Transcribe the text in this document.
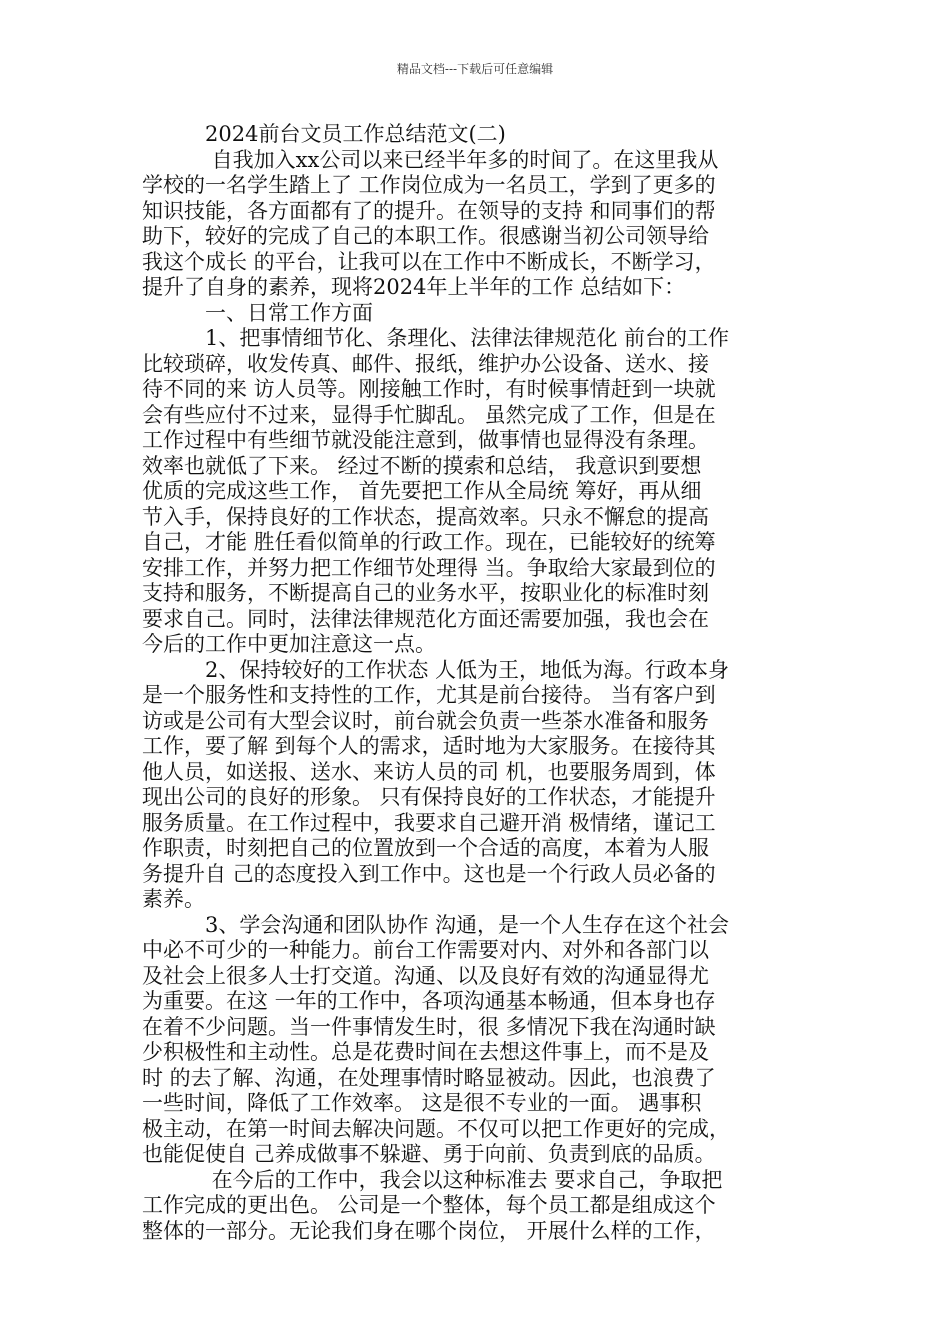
精品文档---下载后可任意编辑
　　　2024前台文员工作总结范文(二)
　　　 自我加入xx公司以来已经半年多的时间了。在这里我从
学校的一名学生踏上了 工作岗位成为一名员工，学到了更多的
知识技能，各方面都有了的提升。在领导的支持 和同事们的帮
助下，较好的完成了自己的本职工作。很感谢当初公司领导给
我这个成长 的平台，让我可以在工作中不断成长，不断学习，
提升了自身的素养，现将2024年上半年的工作 总结如下：
　　　一、日常工作方面
　　　1、把事情细节化、条理化、法律法律规范化 前台的工作
比较琐碎，收发传真、邮件、报纸，维护办公设备、送水、接
待不同的来 访人员等。刚接触工作时，有时候事情赶到一块就
会有些应付不过来，显得手忙脚乱。 虽然完成了工作，但是在
工作过程中有些细节就没能注意到，做事情也显得没有条理。
效率也就低了下来。 经过不断的摸索和总结， 我意识到要想
优质的完成这些工作， 首先要把工作从全局统 筹好，再从细
节入手，保持良好的工作状态，提高效率。只永不懈怠的提高
自己，才能 胜任看似简单的行政工作。现在，已能较好的统筹
安排工作，并努力把工作细节处理得 当。争取给大家最到位的
支持和服务，不断提高自己的业务水平，按职业化的标准时刻
要求自己。同时，法律法律规范化方面还需要加强，我也会在
今后的工作中更加注意这一点。
　　　2、保持较好的工作状态 人低为王，地低为海。行政本身
是一个服务性和支持性的工作，尤其是前台接待。 当有客户到
访或是公司有大型会议时，前台就会负责一些茶水准备和服务
工作，要了解 到每个人的需求，适时地为大家服务。在接待其
他人员，如送报、送水、来访人员的司 机，也要服务周到，体
现出公司的良好的形象。 只有保持良好的工作状态，才能提升
服务质量。在工作过程中，我要求自己避开消 极情绪，谨记工
作职责，时刻把自己的位置放到一个合适的高度，本着为人服
务提升自 己的态度投入到工作中。这也是一个行政人员必备的
素养。
　　　3、学会沟通和团队协作 沟通，是一个人生存在这个社会
中必不可少的一种能力。前台工作需要对内、对外和各部门以
及社会上很多人士打交道。沟通、以及良好有效的沟通显得尤
为重要。在这 一年的工作中，各项沟通基本畅通，但本身也存
在着不少问题。当一件事情发生时，很 多情况下我在沟通时缺
少积极性和主动性。总是花费时间在去想这件事上，而不是及
时 的去了解、沟通，在处理事情时略显被动。因此，也浪费了
一些时间，降低了工作效率。 这是很不专业的一面。 遇事积
极主动，在第一时间去解决问题。不仅可以把工作更好的完成，
也能促使自 己养成做事不躲避、勇于向前、负责到底的品质。
　　　 在今后的工作中，我会以这种标准去 要求自己，争取把
工作完成的更出色。 公司是一个整体，每个员工都是组成这个
整体的一部分。无论我们身在哪个岗位， 开展什么样的工作，
